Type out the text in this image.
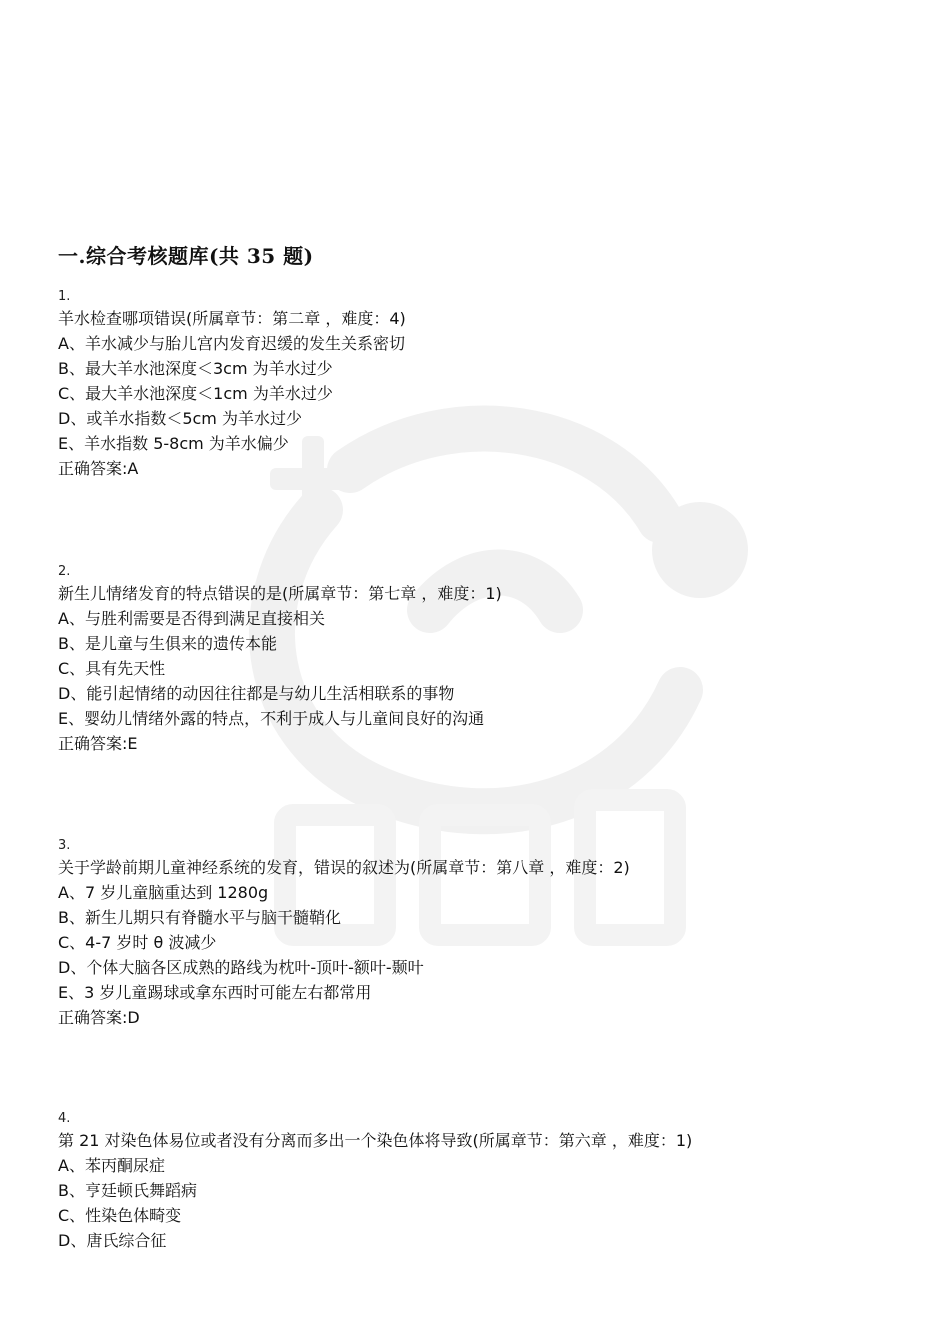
一.综合考核题库(共 35 题)
1.
羊水检查哪项错误(所属章节：第二章 ，难度：4)
A、羊水减少与胎儿宫内发育迟缓的发生关系密切
B、最大羊水池深度＜3cm 为羊水过少
C、最大羊水池深度＜1cm 为羊水过少
D、或羊水指数＜5cm 为羊水过少
E、羊水指数 5-8cm 为羊水偏少
正确答案:A
2.
新生儿情绪发育的特点错误的是(所属章节：第七章 ，难度：1)
A、与胜利需要是否得到满足直接相关
B、是儿童与生俱来的遗传本能
C、具有先天性
D、能引起情绪的动因往往都是与幼儿生活相联系的事物
E、婴幼儿情绪外露的特点，不利于成人与儿童间良好的沟通
正确答案:E
3.
关于学龄前期儿童神经系统的发育，错误的叙述为(所属章节：第八章 ，难度：2)
A、7 岁儿童脑重达到 1280g
B、新生儿期只有脊髓水平与脑干髓鞘化
C、4-7 岁时 θ 波减少
D、个体大脑各区成熟的路线为枕叶-顶叶-额叶-颞叶
E、3 岁儿童踢球或拿东西时可能左右都常用
正确答案:D
4.
第 21 对染色体易位或者没有分离而多出一个染色体将导致(所属章节：第六章 ，难度：1)
A、苯丙酮尿症
B、亨廷顿氏舞蹈病
C、性染色体畸变
D、唐氏综合征
